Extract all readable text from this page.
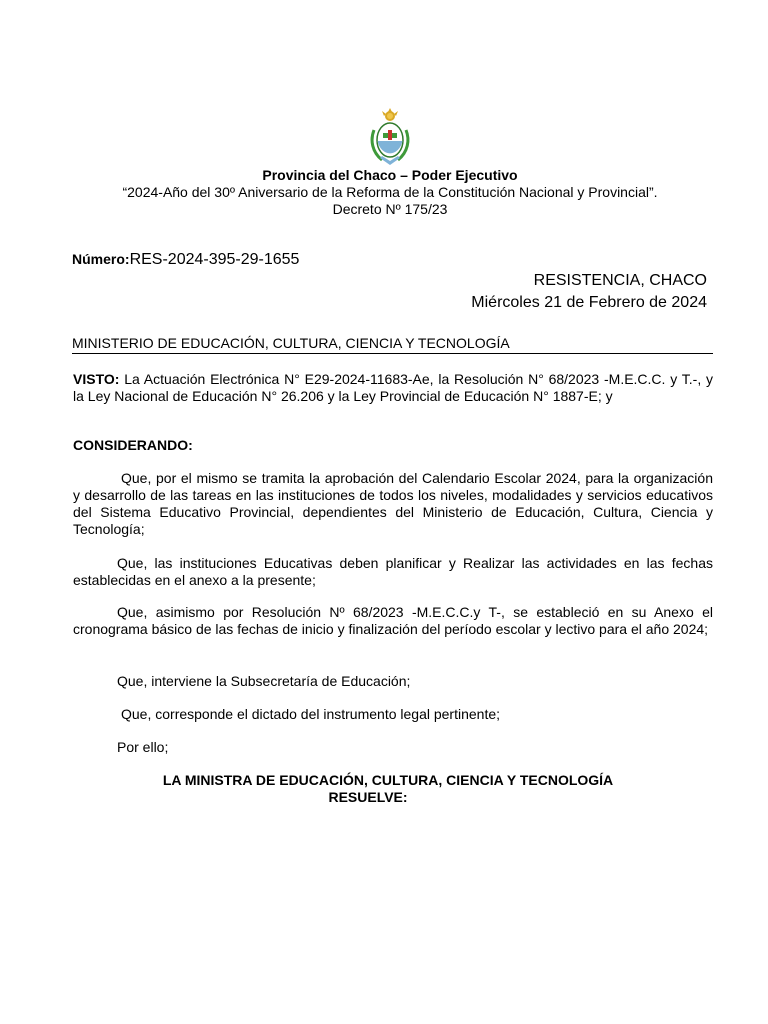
Provincia del Chaco – Poder Ejecutivo
“2024-Año del 30º Aniversario de la Reforma de la Constitución Nacional y Provincial”.
Decreto Nº 175/23
Número:RES-2024-395-29-1655
RESISTENCIA, CHACO
Miércoles 21 de Febrero de 2024
MINISTERIO DE EDUCACIÓN, CULTURA, CIENCIA Y TECNOLOGÍA

VISTO: La Actuación Electrónica N° E29-2024-11683-Ae, la Resolución N° 68/2023 -M.E.C.C. y T.-, y la Ley Nacional de Educación N° 26.206 y la Ley Provincial de Educación N° 1887-E; y

CONSIDERANDO:

Que, por el mismo se tramita la aprobación del Calendario Escolar 2024, para la organización y desarrollo de las tareas en las instituciones de todos los niveles, modalidades y servicios educativos del Sistema Educativo Provincial, dependientes del Ministerio de Educación, Cultura, Ciencia y Tecnología;

Que, las instituciones Educativas deben planificar y Realizar las actividades en las fechas establecidas en el anexo a la presente;

Que, asimismo por Resolución Nº 68/2023 -M.E.C.C.y T-, se estableció en su Anexo el cronograma básico de las fechas de inicio y finalización del período escolar y lectivo para el año 2024;

Que, interviene la Subsecretaría de Educación;

Que, corresponde el dictado del instrumento legal pertinente;

Por ello;

LA MINISTRA DE EDUCACIÓN, CULTURA, CIENCIA Y TECNOLOGÍA
RESUELVE:
